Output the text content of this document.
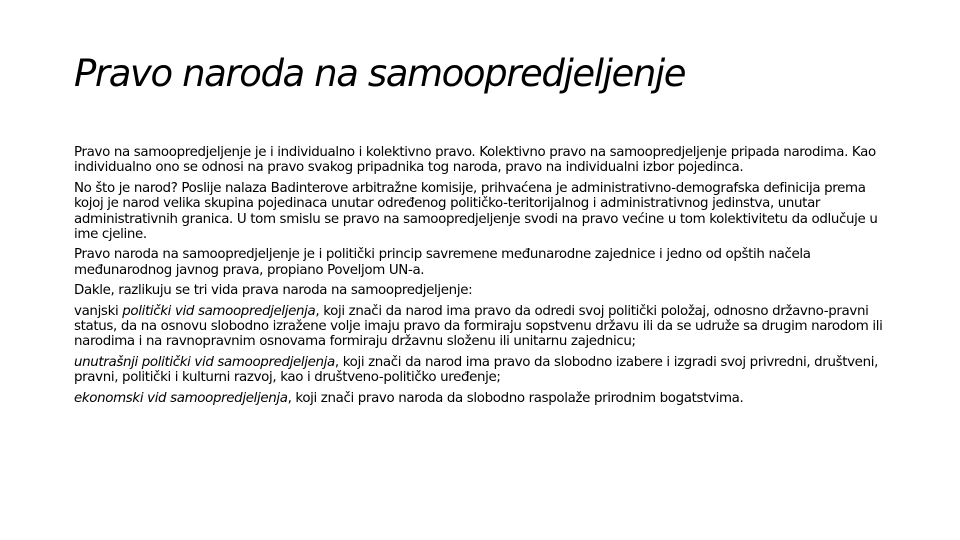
Pravo naroda na samoopredjeljenje

Pravo na samoopredjeljenje je i individualno i kolektivno pravo. Kolektivno pravo na samoopredjeljenje pripada narodima. Kao individualno ono se odnosi na pravo svakog pripadnika tog naroda, pravo na individualni izbor pojedinca.

No što je narod? Poslije nalaza Badinterove arbitražne komisije, prihvaćena je administrativno-demografska definicija prema kojoj je narod velika skupina pojedinaca unutar određenog političko-teritorijalnog i administrativnog jedinstva, unutar administrativnih granica. U tom smislu se pravo na samoopredjeljenje svodi na pravo većine u tom kolektivitetu da odlučuje u ime cjeline.

Pravo naroda na samoopredjeljenje je i politički princip savremene međunarodne zajednice i jedno od opštih načela međunarodnog javnog prava, propiano Poveljom UN-a.

Dakle, razlikuju se tri vida prava naroda na samoopredjeljenje:

vanjski politički vid samoopredjeljenja, koji znači da narod ima pravo da odredi svoj politički položaj, odnosno državno-pravni status, da na osnovu slobodno izražene volje imaju pravo da formiraju sopstvenu državu ili da se udruže sa drugim narodom ili narodima i na ravnopravnim osnovama formiraju državnu složenu ili unitarnu zajednicu;

unutrašnji politički vid samoopredjeljenja, koji znači da narod ima pravo da slobodno izabere i izgradi svoj privredni, društveni, pravni, politički i kulturni razvoj, kao i društveno-političko uređenje;

ekonomski vid samoopredjeljenja, koji znači pravo naroda da slobodno raspolaže prirodnim bogatstvima.
